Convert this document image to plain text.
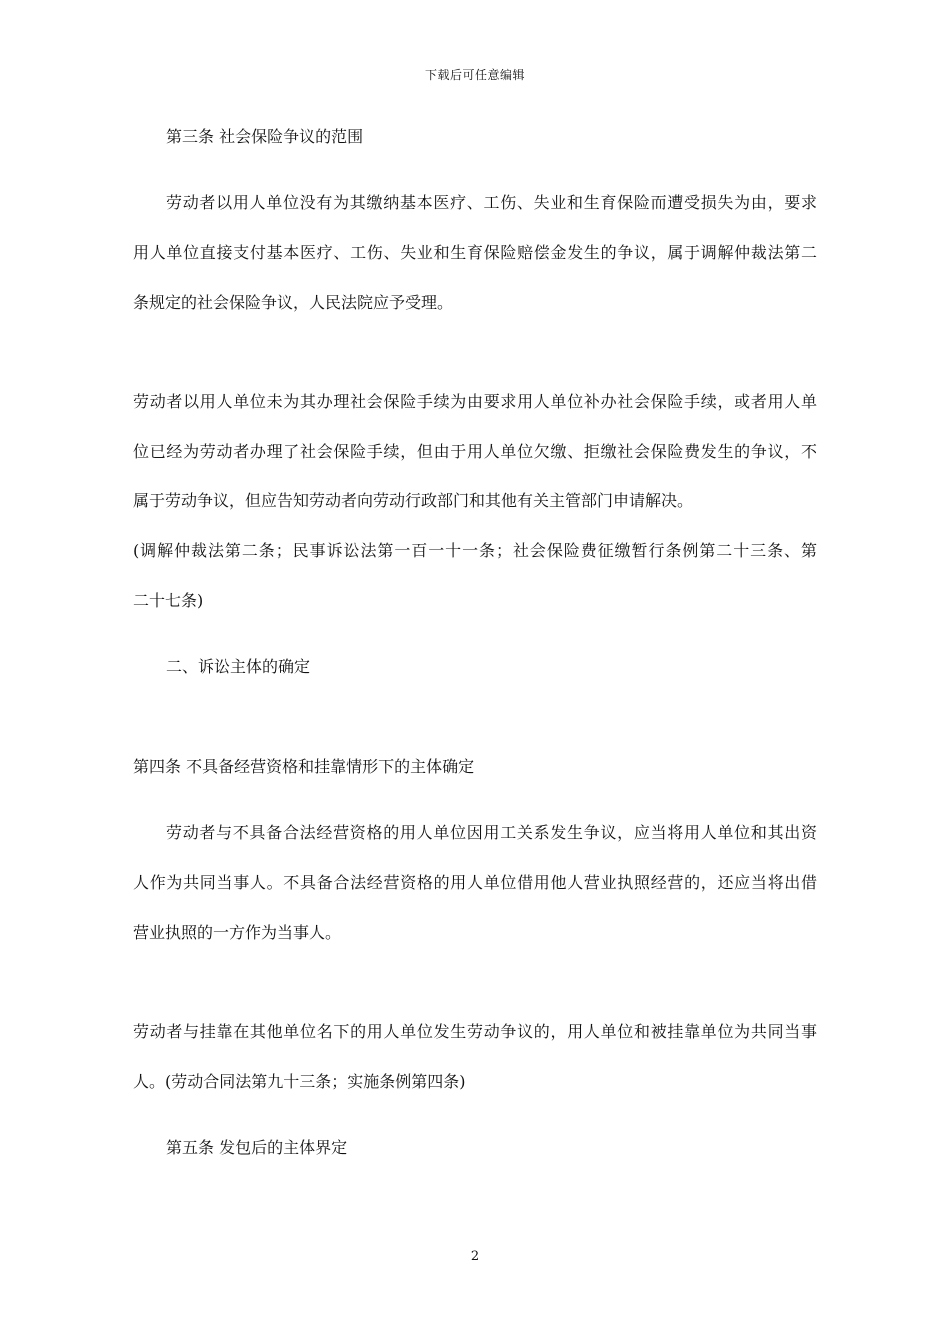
下载后可任意编辑
第三条 社会保险争议的范围
劳动者以用人单位没有为其缴纳基本医疗、工伤、失业和生育保险而遭受损失为由，要求
用人单位直接支付基本医疗、工伤、失业和生育保险赔偿金发生的争议，属于调解仲裁法第二
条规定的社会保险争议，人民法院应予受理。
劳动者以用人单位未为其办理社会保险手续为由要求用人单位补办社会保险手续，或者用人单
位已经为劳动者办理了社会保险手续，但由于用人单位欠缴、拒缴社会保险费发生的争议，不
属于劳动争议，但应告知劳动者向劳动行政部门和其他有关主管部门申请解决。
(调解仲裁法第二条；民事诉讼法第一百一十一条；社会保险费征缴暂行条例第二十三条、第
二十七条)
二、诉讼主体的确定
第四条 不具备经营资格和挂靠情形下的主体确定
劳动者与不具备合法经营资格的用人单位因用工关系发生争议，应当将用人单位和其出资
人作为共同当事人。不具备合法经营资格的用人单位借用他人营业执照经营的，还应当将出借
营业执照的一方作为当事人。
劳动者与挂靠在其他单位名下的用人单位发生劳动争议的，用人单位和被挂靠单位为共同当事
人。(劳动合同法第九十三条；实施条例第四条)
第五条 发包后的主体界定
2
